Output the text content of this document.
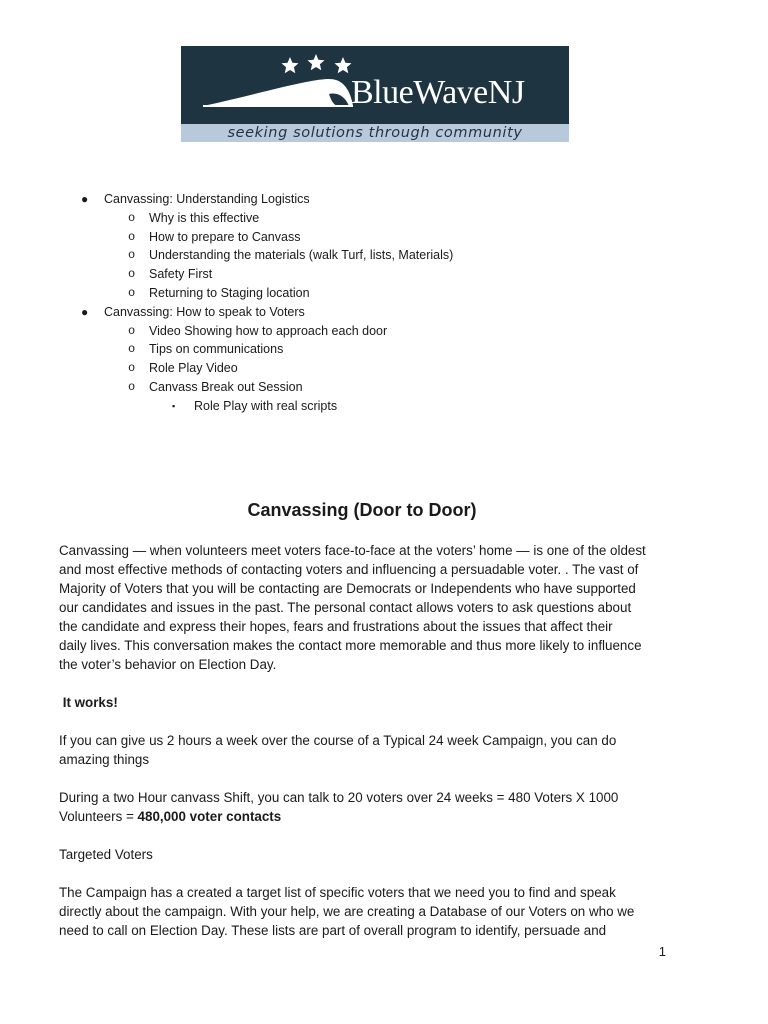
BlueWaveNJ
seeking solutions through community
● Canvassing: Understanding Logistics
o Why is this effective
o How to prepare to Canvass
o Understanding the materials (walk Turf, lists, Materials)
o Safety First
o Returning to Staging location
● Canvassing: How to speak to Voters
o Video Showing how to approach each door
o Tips on communications
o Role Play Video
o Canvass Break out Session
▪ Role Play with real scripts
Canvassing (Door to Door)

Canvassing — when volunteers meet voters face-to-face at the voters’ home — is one of the oldest
and most effective methods of contacting voters and influencing a persuadable voter. . The vast of
Majority of Voters that you will be contacting are Democrats or Independents who have supported
our candidates and issues in the past. The personal contact allows voters to ask questions about
the candidate and express their hopes, fears and frustrations about the issues that affect their
daily lives. This conversation makes the contact more memorable and thus more likely to influence
the voter’s behavior on Election Day.

It works!

If you can give us 2 hours a week over the course of a Typical 24 week Campaign, you can do
amazing things

During a two Hour canvass Shift, you can talk to 20 voters over 24 weeks = 480 Voters X 1000
Volunteers = 480,000 voter contacts

Targeted Voters

The Campaign has a created a target list of specific voters that we need you to find and speak
directly about the campaign. With your help, we are creating a Database of our Voters on who we
need to call on Election Day. These lists are part of overall program to identify, persuade and

1
